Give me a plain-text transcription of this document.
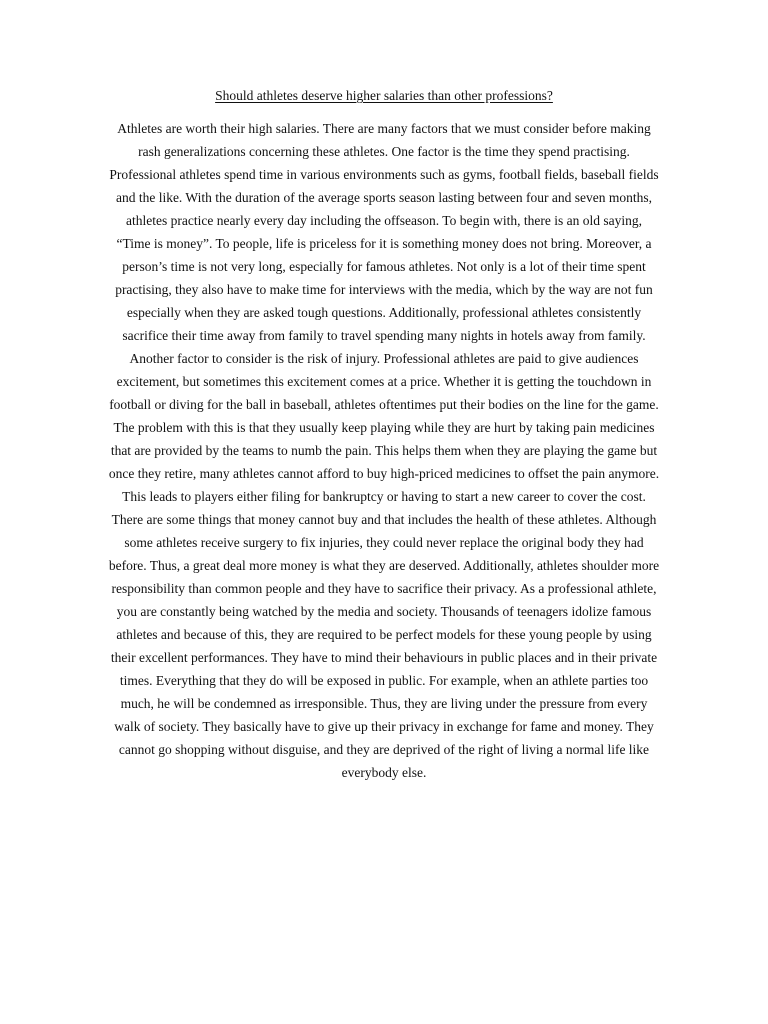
Should athletes deserve higher salaries than other professions?
Athletes are worth their high salaries. There are many factors that we must consider before making
rash generalizations concerning these athletes. One factor is the time they spend practising.
Professional athletes spend time in various environments such as gyms, football fields, baseball fields
and the like. With the duration of the average sports season lasting between four and seven months,
athletes practice nearly every day including the offseason. To begin with, there is an old saying,
“Time is money”. To people, life is priceless for it is something money does not bring. Moreover, a
person’s time is not very long, especially for famous athletes. Not only is a lot of their time spent
practising, they also have to make time for interviews with the media, which by the way are not fun
especially when they are asked tough questions. Additionally, professional athletes consistently
sacrifice their time away from family to travel spending many nights in hotels away from family.
Another factor to consider is the risk of injury. Professional athletes are paid to give audiences
excitement, but sometimes this excitement comes at a price. Whether it is getting the touchdown in
football or diving for the ball in baseball, athletes oftentimes put their bodies on the line for the game.
The problem with this is that they usually keep playing while they are hurt by taking pain medicines
that are provided by the teams to numb the pain. This helps them when they are playing the game but
once they retire, many athletes cannot afford to buy high-priced medicines to offset the pain anymore.
This leads to players either filing for bankruptcy or having to start a new career to cover the cost.
There are some things that money cannot buy and that includes the health of these athletes. Although
some athletes receive surgery to fix injuries, they could never replace the original body they had
before. Thus, a great deal more money is what they are deserved. Additionally, athletes shoulder more
responsibility than common people and they have to sacrifice their privacy. As a professional athlete,
you are constantly being watched by the media and society. Thousands of teenagers idolize famous
athletes and because of this, they are required to be perfect models for these young people by using
their excellent performances. They have to mind their behaviours in public places and in their private
times. Everything that they do will be exposed in public. For example, when an athlete parties too
much, he will be condemned as irresponsible. Thus, they are living under the pressure from every
walk of society. They basically have to give up their privacy in exchange for fame and money. They
cannot go shopping without disguise, and they are deprived of the right of living a normal life like
everybody else.
